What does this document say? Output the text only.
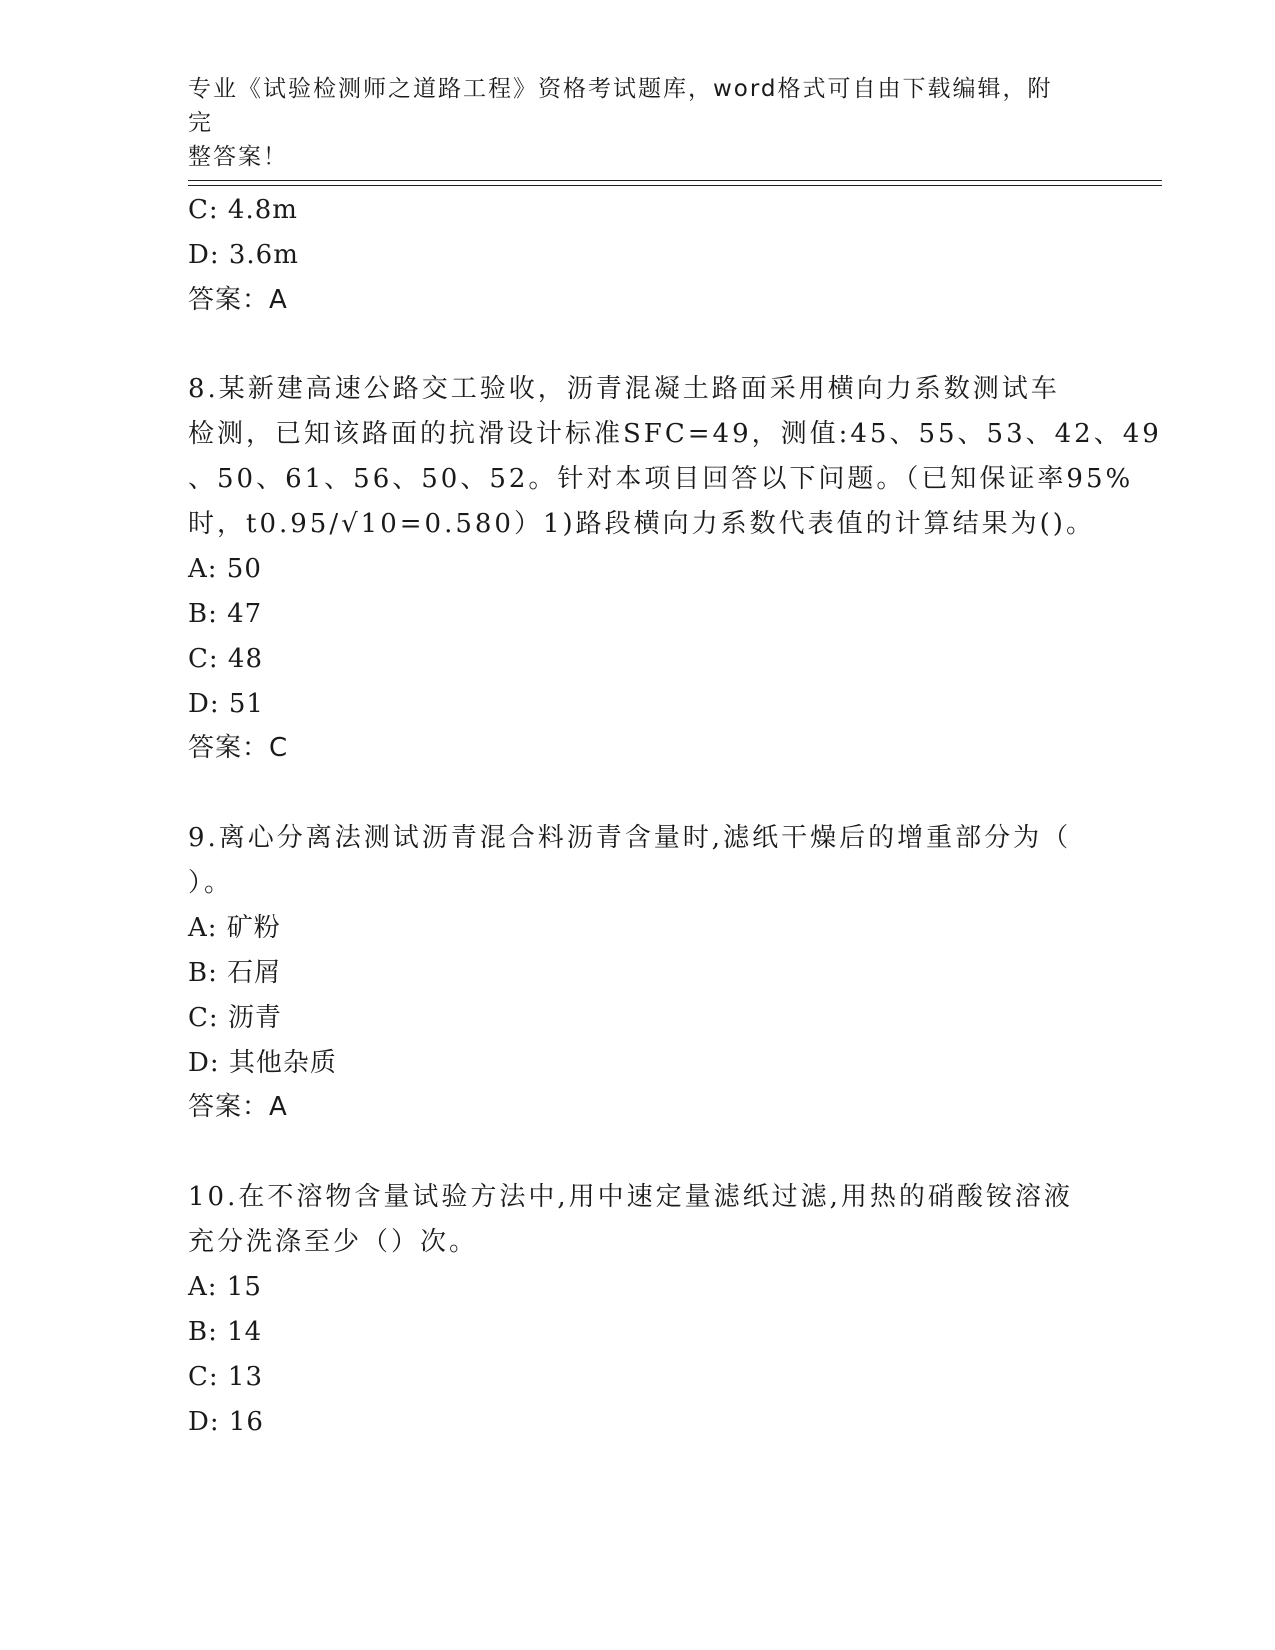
专业《试验检测师之道路工程》资格考试题库，word格式可自由下载编辑，附完
整答案！
C: 4.8m
D: 3.6m
答案：A
8.某新建高速公路交工验收，沥青混凝土路面采用横向力系数测试车
检测，已知该路面的抗滑设计标准SFC=49，测值:45、55、53、42、49
、50、61、56、50、52。针对本项目回答以下问题。（已知保证率95%
时，t0.95/√10=0.580）1)路段横向力系数代表值的计算结果为()。
A: 50
B: 47
C: 48
D: 51
答案：C
9.离心分离法测试沥青混合料沥青含量时,滤纸干燥后的增重部分为（
）。
A: 矿粉
B: 石屑
C: 沥青
D: 其他杂质
答案：A
10.在不溶物含量试验方法中,用中速定量滤纸过滤,用热的硝酸铵溶液
充分洗涤至少（）次。
A: 15
B: 14
C: 13
D: 16
